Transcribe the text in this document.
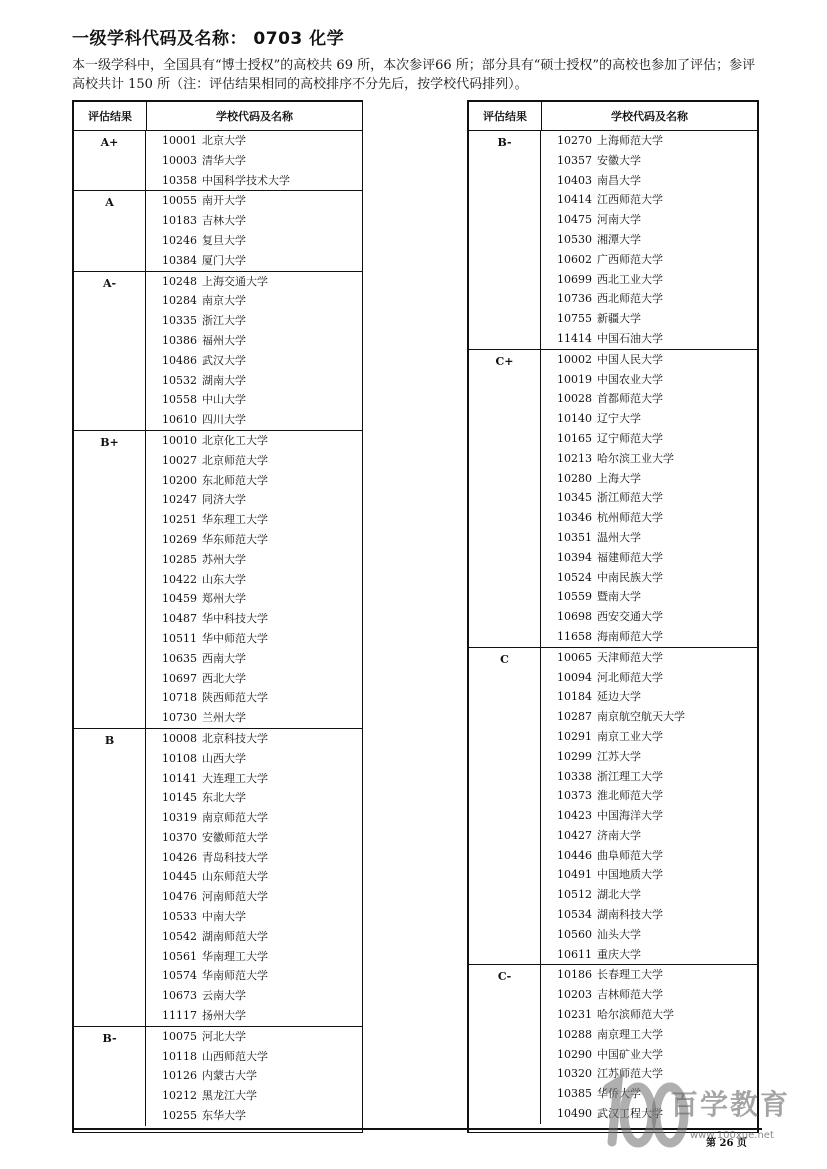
一级学科代码及名称： 0703 化学
本一级学科中，全国具有“博士授权”的高校共 69 所，本次参评66 所；部分具有“硕士授权”的高校也参加了评估；参评高校共计 150 所（注：评估结果相同的高校排序不分先后，按学校代码排列）。
评估结果	学校代码及名称
A+	10001 北京大学
10003 清华大学
10358 中国科学技术大学
A	10055 南开大学
10183 吉林大学
10246 复旦大学
10384 厦门大学
A-	10248 上海交通大学
10284 南京大学
10335 浙江大学
10386 福州大学
10486 武汉大学
10532 湖南大学
10558 中山大学
10610 四川大学
B+	10010 北京化工大学
10027 北京师范大学
10200 东北师范大学
10247 同济大学
10251 华东理工大学
10269 华东师范大学
10285 苏州大学
10422 山东大学
10459 郑州大学
10487 华中科技大学
10511 华中师范大学
10635 西南大学
10697 西北大学
10718 陕西师范大学
10730 兰州大学
B	10008 北京科技大学
10108 山西大学
10141 大连理工大学
10145 东北大学
10319 南京师范大学
10370 安徽师范大学
10426 青岛科技大学
10445 山东师范大学
10476 河南师范大学
10533 中南大学
10542 湖南师范大学
10561 华南理工大学
10574 华南师范大学
10673 云南大学
11117 扬州大学
B-	10075 河北大学
10118 山西师范大学
10126 内蒙古大学
10212 黑龙江大学
10255 东华大学
评估结果	学校代码及名称
B-	10270 上海师范大学
10357 安徽大学
10403 南昌大学
10414 江西师范大学
10475 河南大学
10530 湘潭大学
10602 广西师范大学
10699 西北工业大学
10736 西北师范大学
10755 新疆大学
11414 中国石油大学
C+	10002 中国人民大学
10019 中国农业大学
10028 首都师范大学
10140 辽宁大学
10165 辽宁师范大学
10213 哈尔滨工业大学
10280 上海大学
10345 浙江师范大学
10346 杭州师范大学
10351 温州大学
10394 福建师范大学
10524 中南民族大学
10559 暨南大学
10698 西安交通大学
11658 海南师范大学
C	10065 天津师范大学
10094 河北师范大学
10184 延边大学
10287 南京航空航天大学
10291 南京工业大学
10299 江苏大学
10338 浙江理工大学
10373 淮北师范大学
10423 中国海洋大学
10427 济南大学
10446 曲阜师范大学
10491 中国地质大学
10512 湖北大学
10534 湖南科技大学
10560 汕头大学
10611 重庆大学
C-	10186 长春理工大学
10203 吉林师范大学
10231 哈尔滨师范大学
10288 南京理工大学
10290 中国矿业大学
10320 江苏师范大学
10385 华侨大学
10490 武汉工程大学 百学教育
www.100xue.net
第 26 页
